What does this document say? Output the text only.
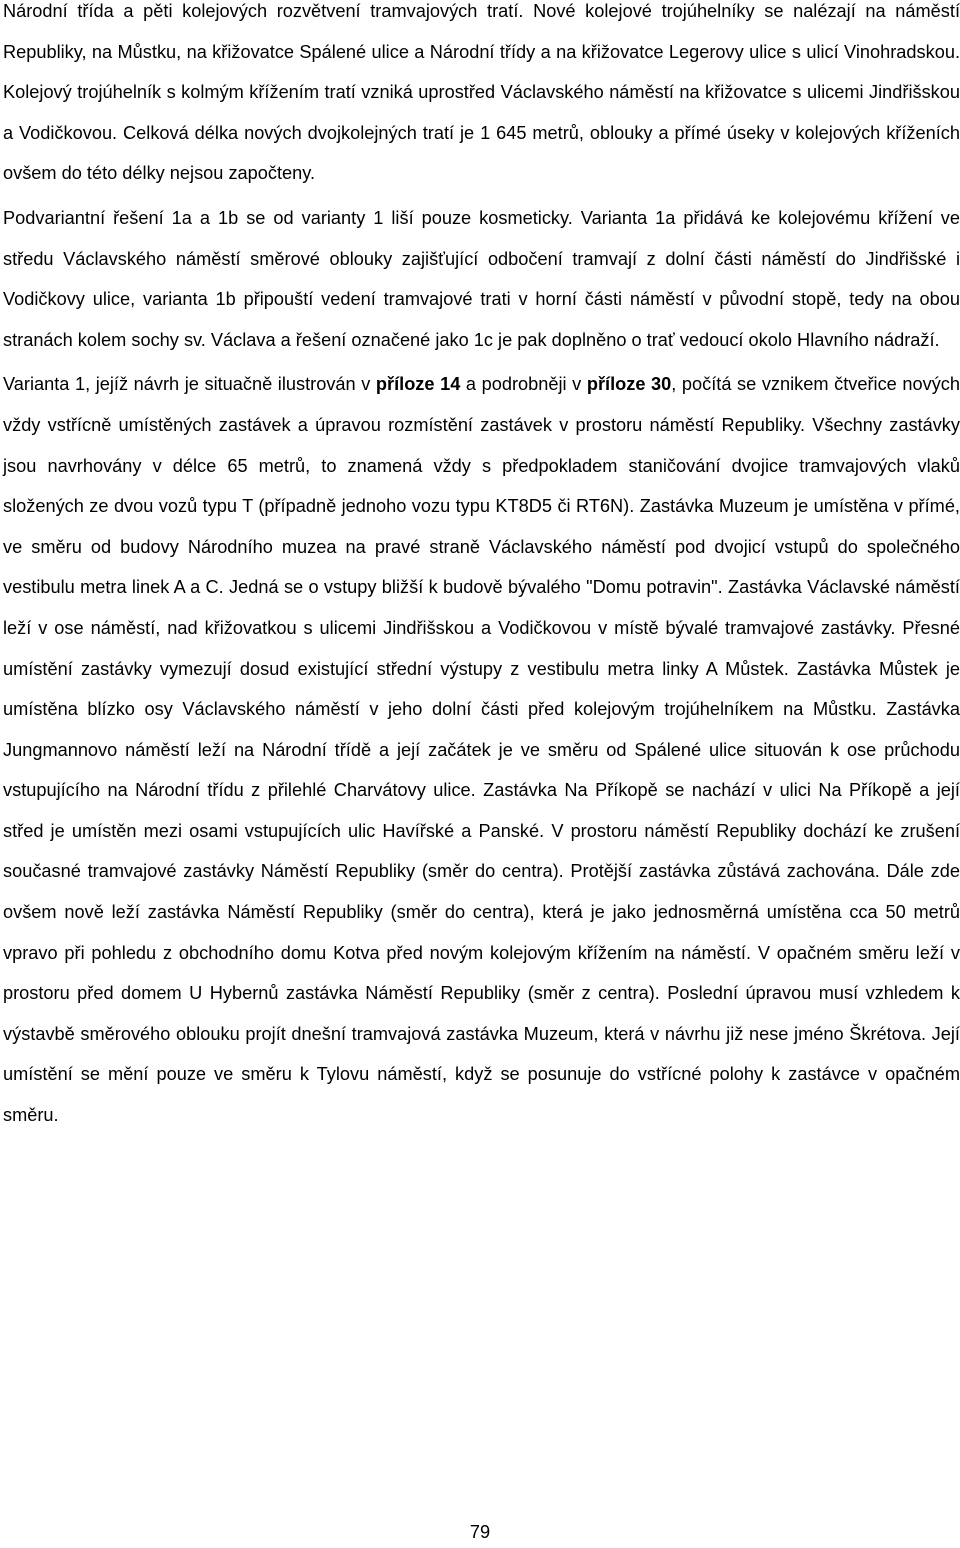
Národní třída a pěti kolejových rozvětvení tramvajových tratí. Nové kolejové trojúhelníky se nalézají na náměstí Republiky, na Můstku, na křižovatce Spálené ulice a Národní třídy a na křižovatce Legerovy ulice s ulicí Vinohradskou. Kolejový trojúhelník s kolmým křížením tratí vzniká uprostřed Václavského náměstí na křižovatce s ulicemi Jindřišskou a Vodičkovou. Celková délka nových dvojkolejných tratí je 1 645 metrů, oblouky a přímé úseky v kolejových kříženích ovšem do této délky nejsou započteny.

Podvariantní řešení 1a a 1b se od varianty 1 liší pouze kosmeticky. Varianta 1a přidává ke kolejovému křížení ve středu Václavského náměstí směrové oblouky zajišťující odbočení tramvají z dolní části náměstí do Jindřišské i Vodičkovy ulice, varianta 1b připouští vedení tramvajové trati v horní části náměstí v původní stopě, tedy na obou stranách kolem sochy sv. Václava a řešení označené jako 1c je pak doplněno o trať vedoucí okolo Hlavního nádraží.

Varianta 1, jejíž návrh je situačně ilustrován v příloze 14 a podrobněji v příloze 30, počítá se vznikem čtveřice nových vždy vstřícně umístěných zastávek a úpravou rozmístění zastávek v prostoru náměstí Republiky. Všechny zastávky jsou navrhovány v délce 65 metrů, to znamená vždy s předpokladem staničování dvojice tramvajových vlaků složených ze dvou vozů typu T (případně jednoho vozu typu KT8D5 či RT6N). Zastávka Muzeum je umístěna v přímé, ve směru od budovy Národního muzea na pravé straně Václavského náměstí pod dvojicí vstupů do společného vestibulu metra linek A a C. Jedná se o vstupy bližší k budově bývalého "Domu potravin". Zastávka Václavské náměstí leží v ose náměstí, nad křižovatkou s ulicemi Jindřišskou a Vodičkovou v místě bývalé tramvajové zastávky. Přesné umístění zastávky vymezují dosud existující střední výstupy z vestibulu metra linky A Můstek. Zastávka Můstek je umístěna blízko osy Václavského náměstí v jeho dolní části před kolejovým trojúhelníkem na Můstku. Zastávka Jungmannovo náměstí leží na Národní třídě a její začátek je ve směru od Spálené ulice situován k ose průchodu vstupujícího na Národní třídu z přilehlé Charvátovy ulice. Zastávka Na Příkopě se nachází v ulici Na Příkopě a její střed je umístěn mezi osami vstupujících ulic Havířské a Panské. V prostoru náměstí Republiky dochází ke zrušení současné tramvajové zastávky Náměstí Republiky (směr do centra). Protější zastávka zůstává zachována. Dále zde ovšem nově leží zastávka Náměstí Republiky (směr do centra), která je jako jednosměrná umístěna cca 50 metrů vpravo při pohledu z obchodního domu Kotva před novým kolejovým křížením na náměstí. V opačném směru leží v prostoru před domem U Hybernů zastávka Náměstí Republiky (směr z centra). Poslední úpravou musí vzhledem k výstavbě směrového oblouku projít dnešní tramvajová zastávka Muzeum, která v návrhu již nese jméno Škrétova. Její umístění se mění pouze ve směru k Tylovu náměstí, když se posunuje do vstřícné polohy k zastávce v opačném směru.

79
